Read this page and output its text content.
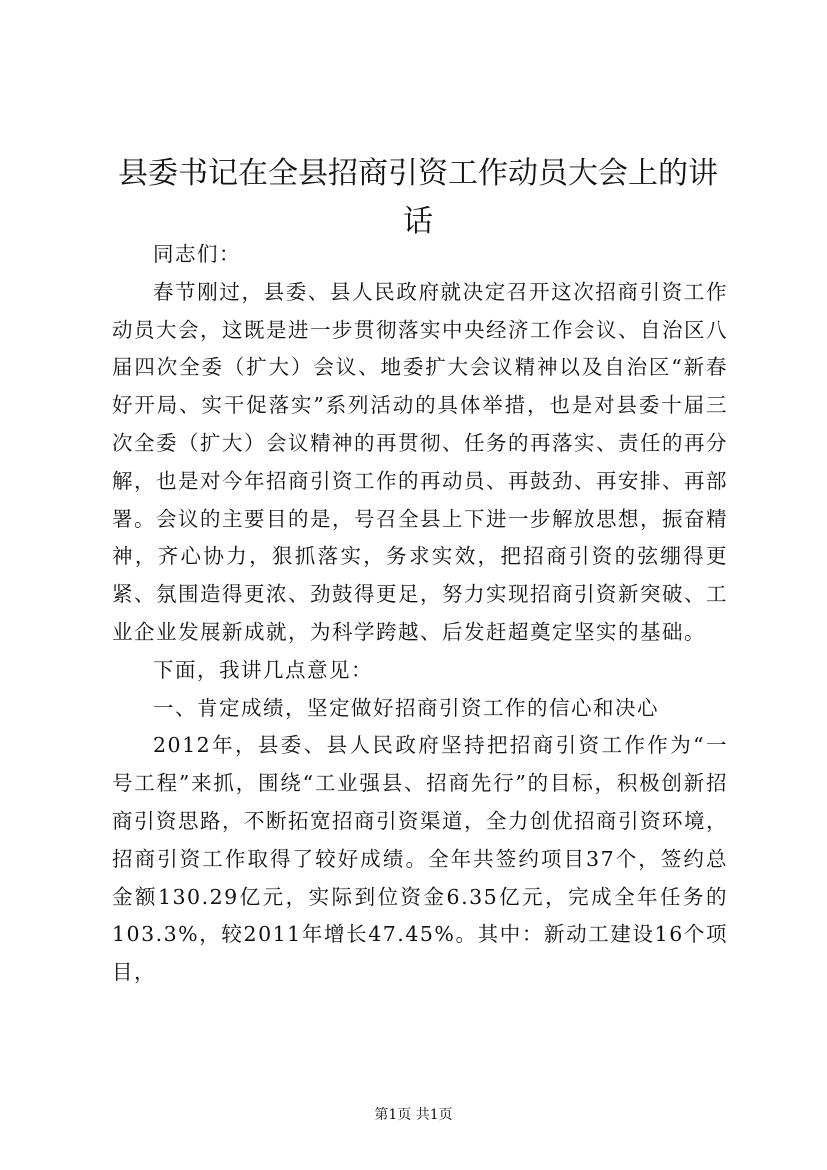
县委书记在全县招商引资工作动员大会上的讲话

同志们：

春节刚过，县委、县人民政府就决定召开这次招商引资工作动员大会，这既是进一步贯彻落实中央经济工作会议、自治区八届四次全委（扩大）会议、地委扩大会议精神以及自治区“新春好开局、实干促落实”系列活动的具体举措，也是对县委十届三次全委（扩大）会议精神的再贯彻、任务的再落实、责任的再分解，也是对今年招商引资工作的再动员、再鼓劲、再安排、再部署。会议的主要目的是，号召全县上下进一步解放思想，振奋精神，齐心协力，狠抓落实，务求实效，把招商引资的弦绷得更紧、氛围造得更浓、劲鼓得更足，努力实现招商引资新突破、工业企业发展新成就，为科学跨越、后发赶超奠定坚实的基础。

下面，我讲几点意见：

一、肯定成绩，坚定做好招商引资工作的信心和决心

2012年，县委、县人民政府坚持把招商引资工作作为“一号工程”来抓，围绕“工业强县、招商先行”的目标，积极创新招商引资思路，不断拓宽招商引资渠道，全力创优招商引资环境，招商引资工作取得了较好成绩。全年共签约项目37个，签约总金额130.29亿元，实际到位资金6.35亿元，完成全年任务的103.3%，较2011年增长47.45%。其中：新动工建设16个项目，

第1页 共1页
